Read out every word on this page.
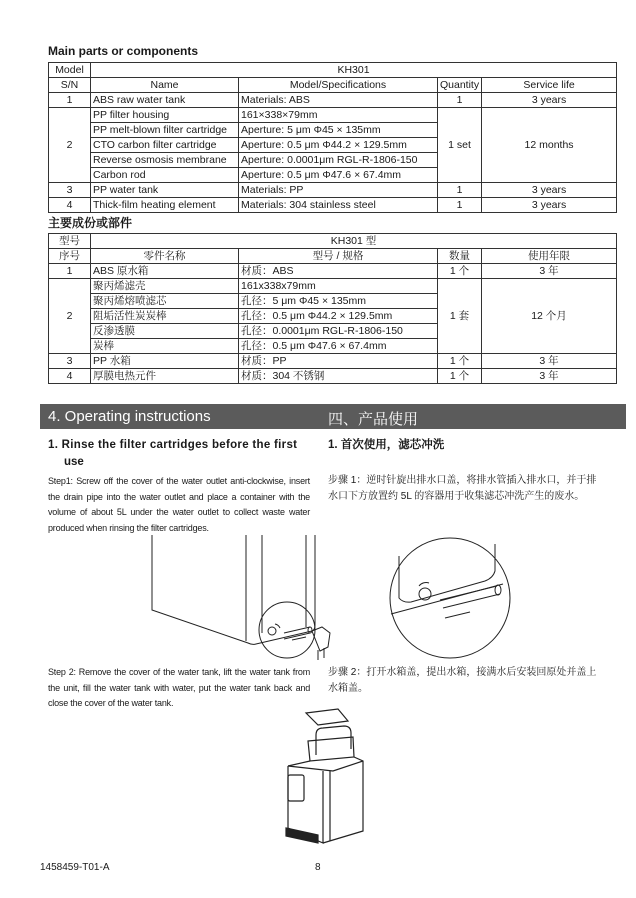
Main parts or components
Model	KH301			
S/N	Name	Model/Specifications	Quantity	Service life
1	ABS raw water tank	Materials: ABS	1	3 years
2	PP filter housing	161×338×79mm	1 set	12 months
	PP melt-blown filter cartridge	Aperture: 5 μm Φ45 × 135mm		
	CTO carbon filter cartridge	Aperture: 0.5 μm Φ44.2 × 129.5mm		
	Reverse osmosis membrane	Aperture: 0.0001μm RGL-R-1806-150		
	Carbon rod	Aperture: 0.5 μm Φ47.6 × 67.4mm		
3	PP water tank	Materials: PP	1	3 years
4	Thick-film heating element	Materials: 304 stainless steel	1	3 years
主要成份或部件
型号	KH301 型			
序号	零件名称	型号 / 规格	数量	使用年限
1	ABS 原水箱	材质：ABS	1 个	3 年
2	聚丙烯滤壳	161x338x79mm	1 套	12 个月
	聚丙烯熔喷滤芯	孔径：5 μm Φ45 × 135mm		
	阻垢活性炭炭棒	孔径：0.5 μm Φ44.2 × 129.5mm		
	反渗透膜	孔径：0.0001μm RGL-R-1806-150		
	炭棒	孔径：0.5 μm Φ47.6 × 67.4mm		
3	PP 水箱	材质：PP	1 个	3 年
4	厚膜电热元件	材质：304 不锈钢	1 个	3 年
4. Operating instructions	四、产品使用
1. Rinse the filter cartridges before the first
use
1. 首次使用，滤芯冲洗
Step1: Screw off the cover of the water outlet anti-clockwise, insert the drain pipe into the water outlet and place a container with the volume of about 5L under the water outlet to collect waste water produced when rinsing the filter cartridges.
步骤 1：逆时针旋出排水口盖，将排水管插入排水口，并于排水口下方放置约 5L 的容器用于收集滤芯冲洗产生的废水。
Step 2: Remove the cover of the water tank, lift the water tank from the unit, fill the water tank with water, put the water tank back and close the cover of the water tank.
步骤 2：打开水箱盖，提出水箱，接满水后安装回原处并盖上水箱盖。
1458459-T01-A	8
